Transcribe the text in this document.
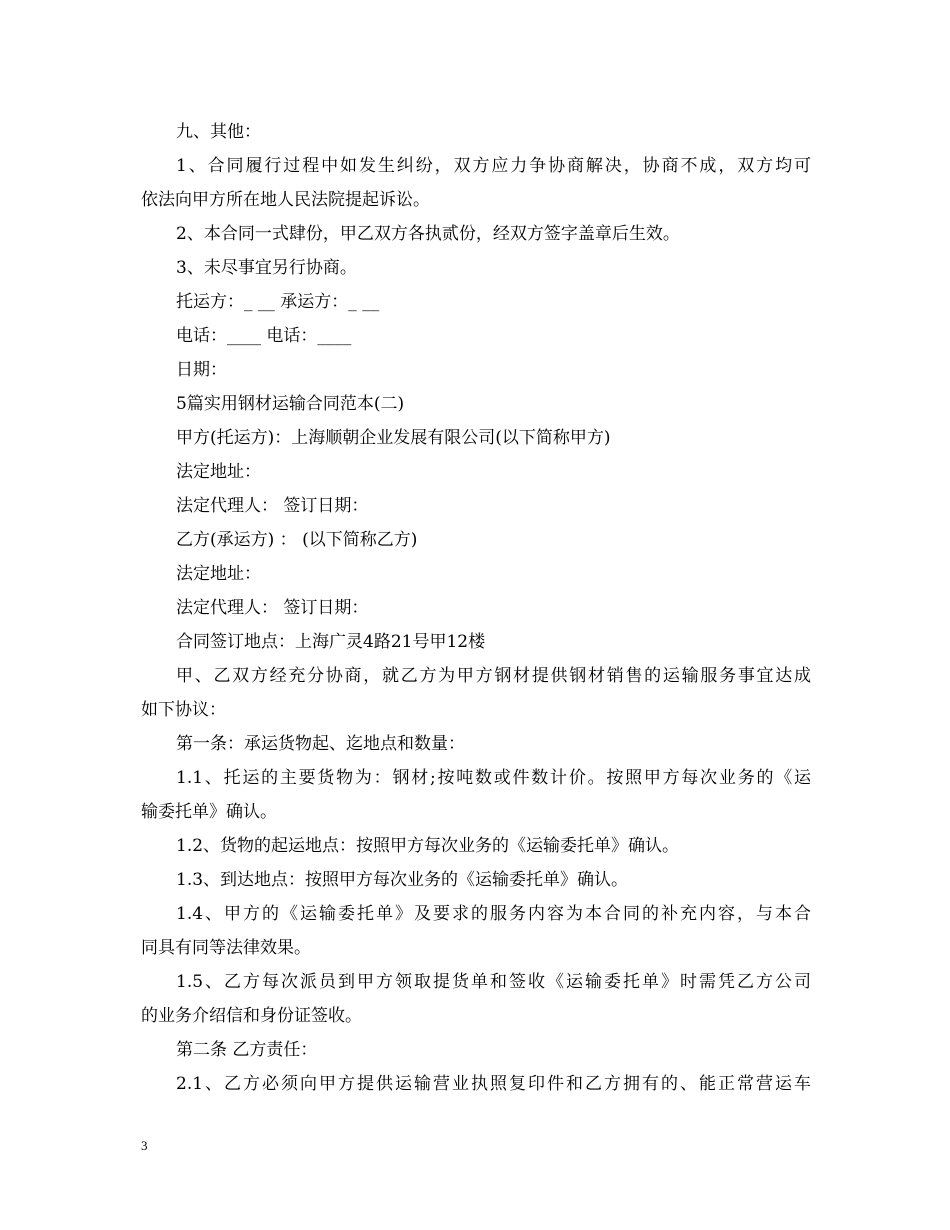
九、其他：
1、合同履行过程中如发生纠纷，双方应力争协商解决，协商不成，双方均可
依法向甲方所在地人民法院提起诉讼。
2、本合同一式肆份，甲乙双方各执贰份，经双方签字盖章后生效。
3、未尽事宜另行协商。
托运方：_ __ 承运方：_ __
电话：____ 电话：____
日期：
5篇实用钢材运输合同范本(二)
甲方(托运方)：上海顺朝企业发展有限公司(以下简称甲方)
法定地址：
法定代理人： 签订日期：
乙方(承运方) ： (以下简称乙方)
法定地址：
法定代理人： 签订日期：
合同签订地点：上海广灵4路21号甲12楼
甲、乙双方经充分协商，就乙方为甲方钢材提供钢材销售的运输服务事宜达成
如下协议：
第一条：承运货物起、迄地点和数量：
1.1、托运的主要货物为：钢材;按吨数或件数计价。按照甲方每次业务的《运
输委托单》确认。
1.2、货物的起运地点：按照甲方每次业务的《运输委托单》确认。
1.3、到达地点：按照甲方每次业务的《运输委托单》确认。
1.4、甲方的《运输委托单》及要求的服务内容为本合同的补充内容，与本合
同具有同等法律效果。
1.5、乙方每次派员到甲方领取提货单和签收《运输委托单》时需凭乙方公司
的业务介绍信和身份证签收。
第二条 乙方责任：
2.1、乙方必须向甲方提供运输营业执照复印件和乙方拥有的、能正常营运车
3
